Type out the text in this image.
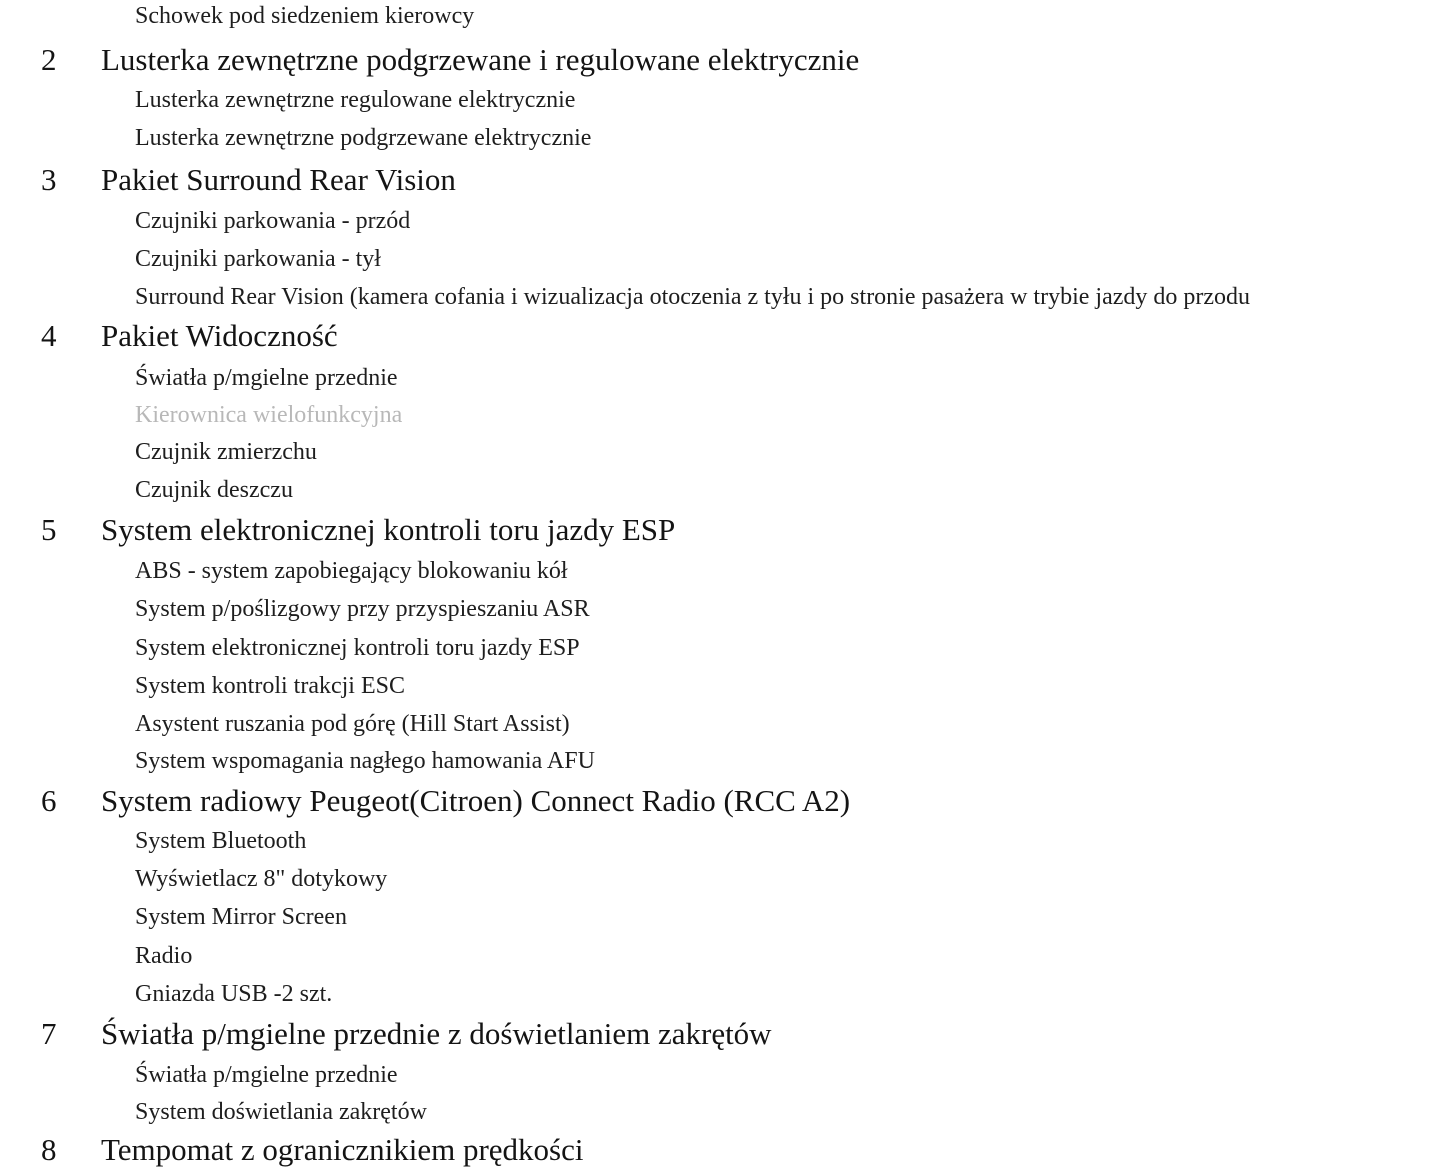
Schowek pod siedzeniem kierowcy
2 Lusterka zewnętrzne podgrzewane i regulowane elektrycznie
Lusterka zewnętrzne regulowane elektrycznie
Lusterka zewnętrzne podgrzewane elektrycznie
3 Pakiet Surround Rear Vision
Czujniki parkowania - przód
Czujniki parkowania - tył
Surround Rear Vision (kamera cofania i wizualizacja otoczenia z tyłu i po stronie pasażera w trybie jazdy do przodu
4 Pakiet Widoczność
Światła p/mgielne przednie
Kierownica wielofunkcyjna
Czujnik zmierzchu
Czujnik deszczu
5 System elektronicznej kontroli toru jazdy ESP
ABS - system zapobiegający blokowaniu kół
System p/poślizgowy przy przyspieszaniu ASR
System elektronicznej kontroli toru jazdy ESP
System kontroli trakcji ESC
Asystent ruszania pod górę (Hill Start Assist)
System wspomagania nagłego hamowania AFU
6 System radiowy Peugeot(Citroen) Connect Radio (RCC A2)
System Bluetooth
Wyświetlacz 8" dotykowy
System Mirror Screen
Radio
Gniazda USB -2 szt.
7 Światła p/mgielne przednie z doświetlaniem zakrętów
Światła p/mgielne przednie
System doświetlania zakrętów
8 Tempomat z ogranicznikiem prędkości
